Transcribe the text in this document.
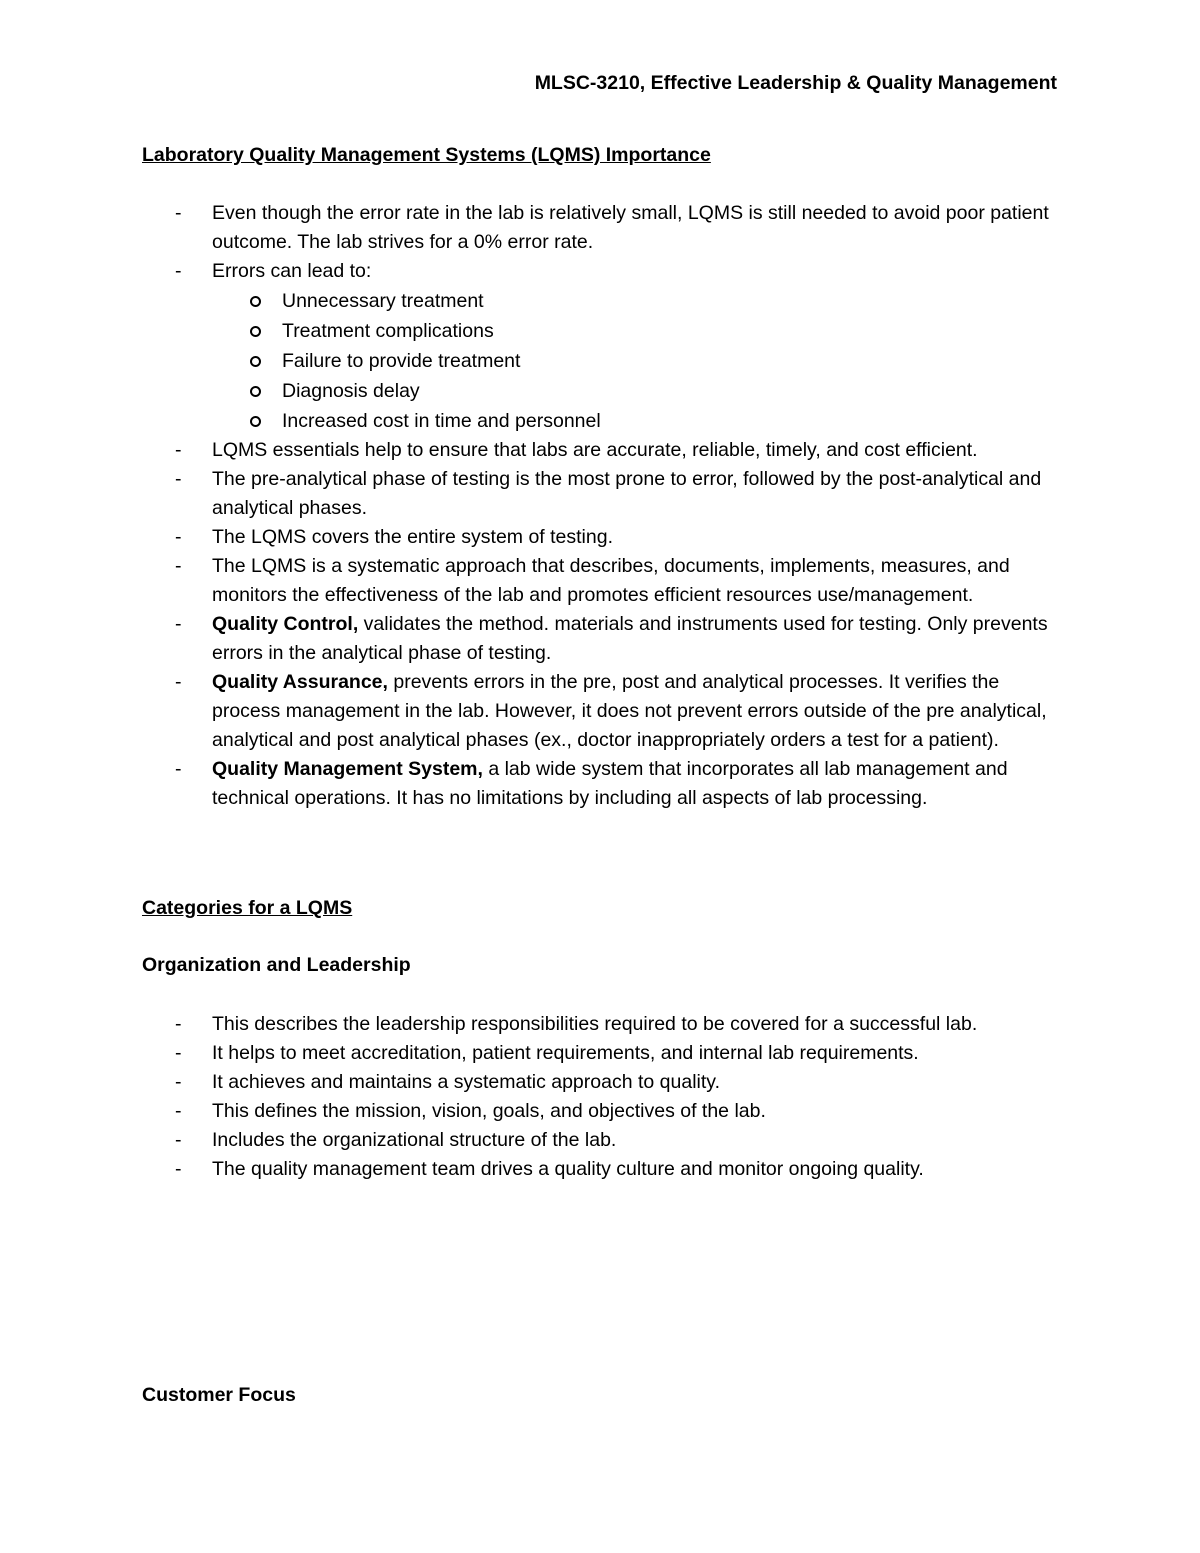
MLSC-3210, Effective Leadership & Quality Management
Laboratory Quality Management Systems (LQMS) Importance
- Even though the error rate in the lab is relatively small, LQMS is still needed to avoid poor patient outcome. The lab strives for a 0% error rate.
- Errors can lead to:
Unnecessary treatment
Treatment complications
Failure to provide treatment
Diagnosis delay
Increased cost in time and personnel
- LQMS essentials help to ensure that labs are accurate, reliable, timely, and cost efficient.
- The pre-analytical phase of testing is the most prone to error, followed by the post-analytical and analytical phases.
- The LQMS covers the entire system of testing.
- The LQMS is a systematic approach that describes, documents, implements, measures, and monitors the effectiveness of the lab and promotes efficient resources use/management.
- Quality Control, validates the method. materials and instruments used for testing. Only prevents errors in the analytical phase of testing.
- Quality Assurance, prevents errors in the pre, post and analytical processes. It verifies the process management in the lab. However, it does not prevent errors outside of the pre analytical, analytical and post analytical phases (ex., doctor inappropriately orders a test for a patient).
- Quality Management System, a lab wide system that incorporates all lab management and technical operations. It has no limitations by including all aspects of lab processing.
Categories for a LQMS
Organization and Leadership
- This describes the leadership responsibilities required to be covered for a successful lab.
- It helps to meet accreditation, patient requirements, and internal lab requirements.
- It achieves and maintains a systematic approach to quality.
- This defines the mission, vision, goals, and objectives of the lab.
- Includes the organizational structure of the lab.
- The quality management team drives a quality culture and monitor ongoing quality.
Customer Focus
